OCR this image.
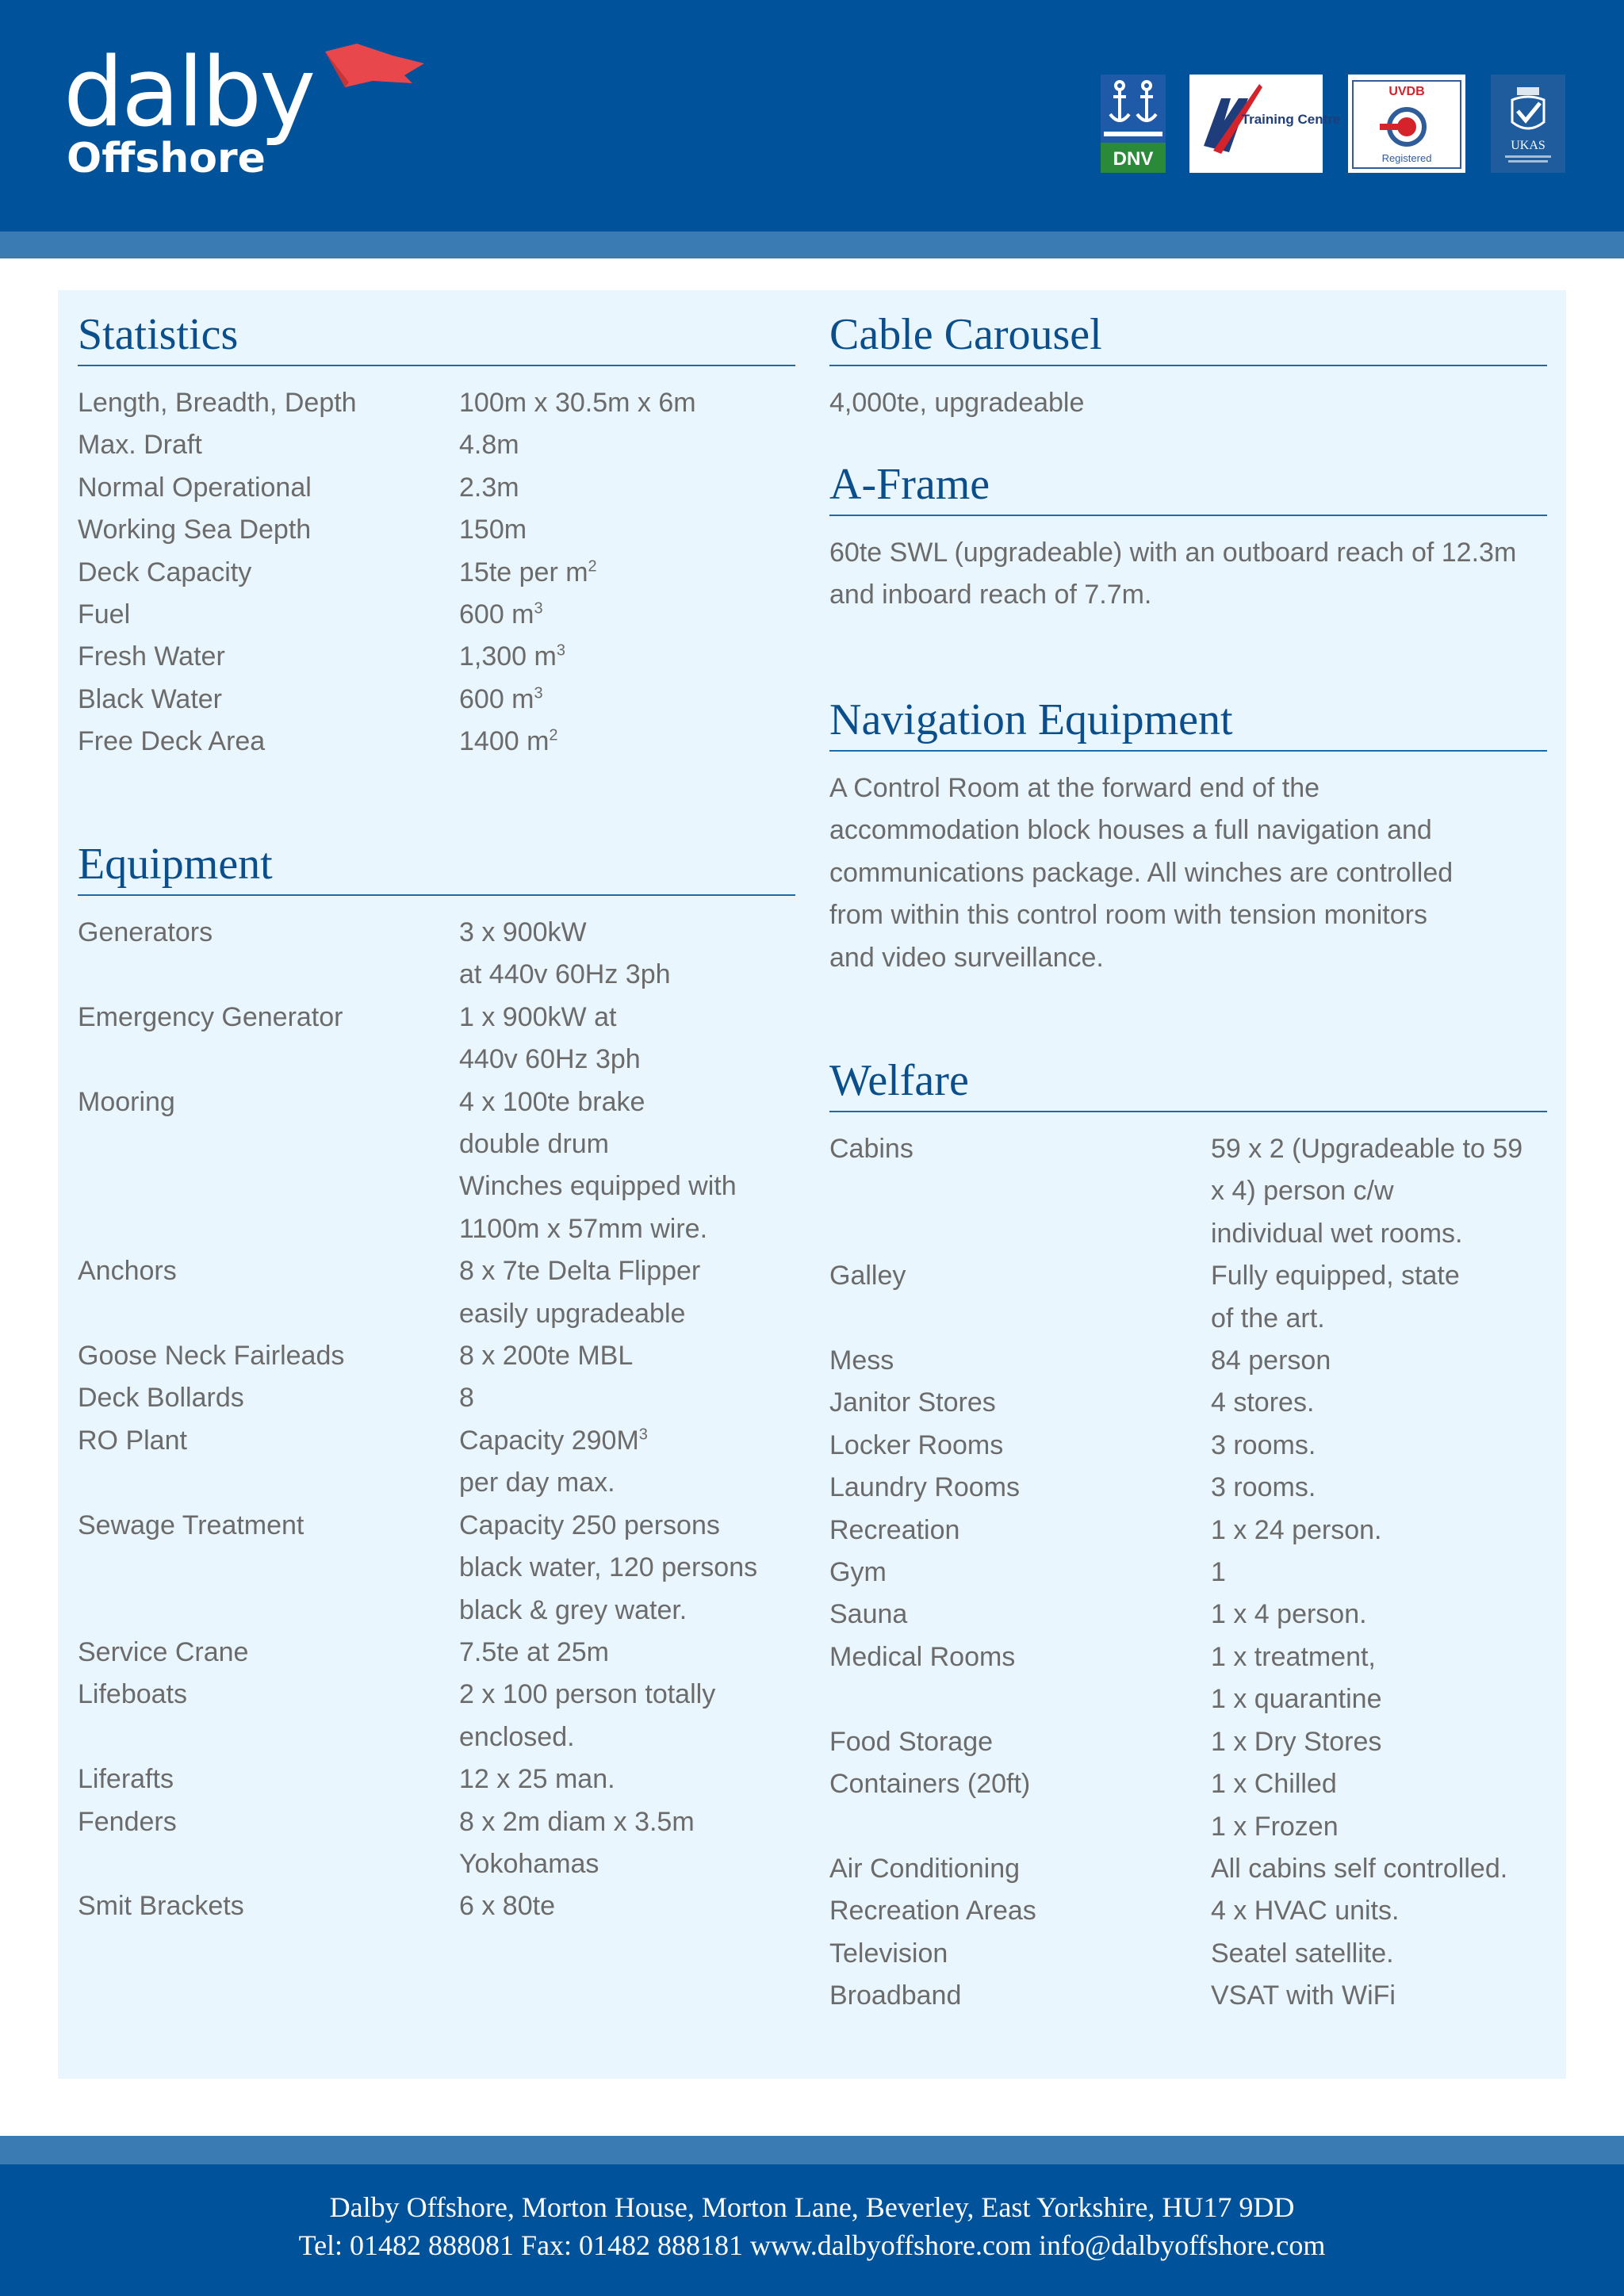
dalby
Offshore	DNV
Training Centre
UVDB
Registered
UKAS
Statistics
Length, Breadth, Depth	100m x 30.5m x 6m
Max. Draft	4.8m
Normal Operational	2.3m
Working Sea Depth	150m
Deck Capacity	15te per $m^2$
Fuel	600 $m^3$
Fresh Water	1,300 $m^3$
Black Water	600 $m^3$
Free Deck Area	1400 $m^2$
Equipment
Generators	3 x 900kW
at 440v 60Hz 3ph
Emergency Generator	1 x 900kW at
440v 60Hz 3ph
Mooring	4 x 100te brake
double drum
Winches equipped with
1100m x 57mm wire.
Anchors	8 x 7te Delta Flipper
easily upgradeable
Goose Neck Fairleads	8 x 200te MBL
Deck Bollards	8
RO Plant	Capacity $290M^3$
per day max.
Sewage Treatment	Capacity 250 persons
black water, 120 persons
black & grey water.
Service Crane	7.5te at 25m
Lifeboats	2 x 100 person totally
enclosed.
Liferafts	12 x 25 man.
Fenders	8 x 2m diam x 3.5m
Yokohamas
Smit Brackets	6 x 80te
Cable Carousel
4,000te, upgradeable
A-Frame
60te SWL (upgradeable) with an outboard reach of 12.3m
and inboard reach of 7.7m.
Navigation Equipment
A Control Room at the forward end of the
accommodation block houses a full navigation and
communications package. All winches are controlled
from within this control room with tension monitors
and video surveillance.
Welfare
Cabins	59 x 2 (Upgradeable to 59
x 4) person c/w
individual wet rooms.
Galley	Fully equipped, state
of the art.
Mess	84 person
Janitor Stores	4 stores.
Locker Rooms	3 rooms.
Laundry Rooms	3 rooms.
Recreation	1 x 24 person.
Gym	1
Sauna	1 x 4 person.
Medical Rooms	1 x treatment,
1 x quarantine
Food Storage	1 x Dry Stores
Containers (20ft)	1 x Chilled
1 x Frozen
Air Conditioning	All cabins self controlled.
Recreation Areas	4 x HVAC units.
Television	Seatel satellite.
Broadband	VSAT with WiFi
Dalby Offshore, Morton House, Morton Lane, Beverley, East Yorkshire, HU17 9DD
Tel: 01482 888081 Fax: 01482 888181 www.dalbyoffshore.com info@dalbyoffshore.com
